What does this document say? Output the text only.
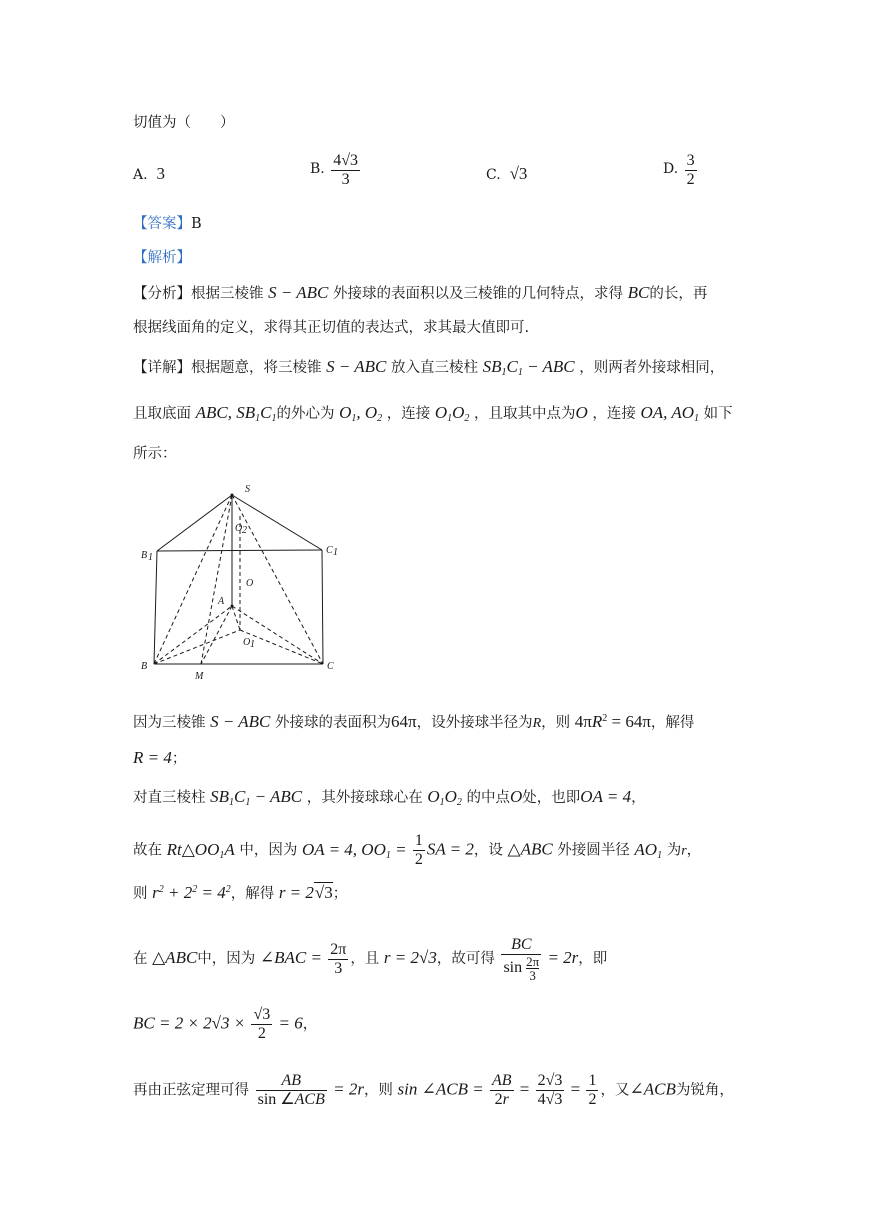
切值为（　　）
A. 3	B. $\frac{4√3}{3}$	C. √3	D. $\frac{3}{2}$
【答案】B
【解析】
【分析】根据三棱锥 S − ABC 外接球的表面积以及三棱锥的几何特点，求得 BC的长，再
根据线面角的定义，求得其正切值的表达式，求其最大值即可.
【详解】根据题意，将三棱锥 S − ABC 放入直三棱柱 $SB_1C_1$ − ABC ，则两者外接球相同，
且取底面 ABC, $SB_1C_1$的外心为 $O_1$, $O_2$ ，连接 $O_1O_2$ ，且取其中点为O ，连接 OA, $AO_1$ 如下
所示：
S
O 2
B 1
C 1
O
A
O 1
B
M
C
因为三棱锥 S − ABC 外接球的表面积为64π，设外接球半径为R，则 $4\pi R^2 = 64\pi$，解得
R = 4；
对直三棱柱 $SB_1C_1$ − ABC ，其外接球球心在 $O_1O_2$ 的中点O处，也即OA = 4，
故在 $Rt\triangle OO_1A$ 中，因为 OA = 4, $OO_1 = \frac{1}{2}$ SA = 2，设 △ABC 外接圆半径 $AO_1$ 为r，
则 $r^2 + 2^2 = 4^2$，解得 r = 2√3；
在 △ABC中，因为 ∠BAC = $\frac{2\pi}{3}$ ，且 r = 2√3，故可得 $\frac{BC}{\sin \frac{2\pi}{3}} = 2r$，即
BC = $2 \times 2√3 \times \frac{√3}{2} = 6$，
再由正弦定理可得 $\frac{AB}{\text{sin ∠ACB}} = 2r$，则 sin ∠ACB = $\frac{AB}{2r} = \frac{2√3}{4√3} = \frac{1}{2}$ ，又∠ACB为锐角，
